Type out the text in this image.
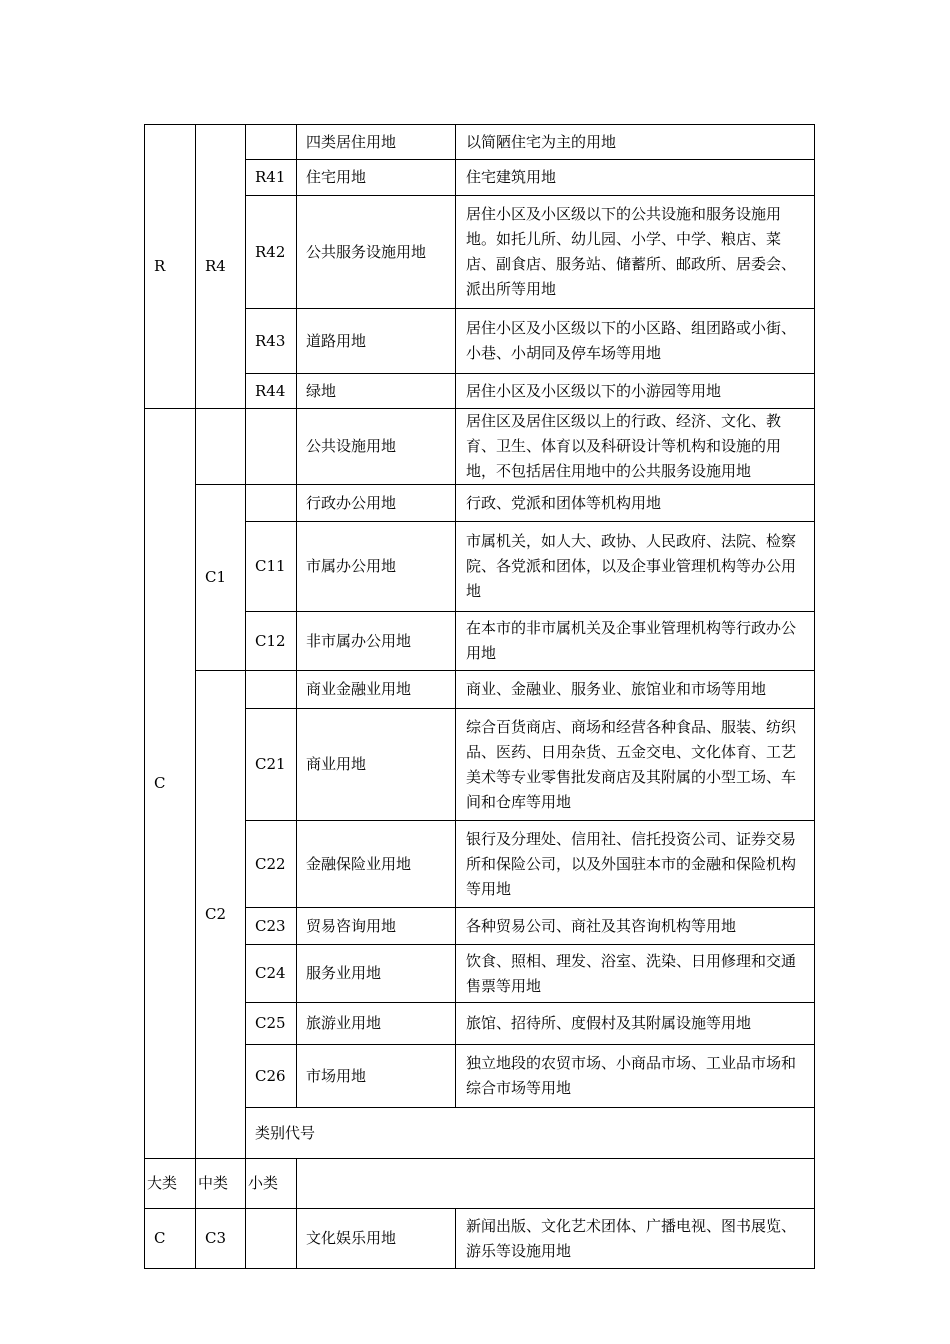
R	R4		四类居住用地	以简陋住宅为主的用地	
		R41	住宅用地	住宅建筑用地	
		R42	公共服务设施用地	居住小区及小区级以下的公共设施和服务设施用地。如托儿所、幼儿园、小学、中学、粮店、菜店、副食店、服务站、储蓄所、邮政所、居委会、派出所等用地	
		R43	道路用地	居住小区及小区级以下的小区路、组团路或小街、小巷、小胡同及停车场等用地	
		R44	绿地	居住小区及小区级以下的小游园等用地	
C			公共设施用地	居住区及居住区级以上的行政、经济、文化、教育、卫生、体育以及科研设计等机构和设施的用地，不包括居住用地中的公共服务设施用地	
	C1		行政办公用地	行政、党派和团体等机构用地	
		C11	市属办公用地	市属机关，如人大、政协、人民政府、法院、检察院、各党派和团体，以及企事业管理机构等办公用地	
		C12	非市属办公用地	在本市的非市属机关及企事业管理机构等行政办公用地	
	C2		商业金融业用地	商业、金融业、服务业、旅馆业和市场等用地	
		C21	商业用地	综合百货商店、商场和经营各种食品、服装、纺织品、医药、日用杂货、五金交电、文化体育、工艺美术等专业零售批发商店及其附属的小型工场、车间和仓库等用地	
		C22	金融保险业用地	银行及分理处、信用社、信托投资公司、证券交易所和保险公司，以及外国驻本市的金融和保险机构等用地	
		C23	贸易咨询用地	各种贸易公司、商社及其咨询机构等用地	
		C24	服务业用地	饮食、照相、理发、浴室、洗染、日用修理和交通售票等用地	
		C25	旅游业用地	旅馆、招待所、度假村及其附属设施等用地	
		C26	市场用地	独立地段的农贸市场、小商品市场、工业品市场和综合市场等用地	
		类别代号		
大类	中类	小类			
C	C3		文化娱乐用地	新闻出版、文化艺术团体、广播电视、图书展览、游乐等设施用地	
